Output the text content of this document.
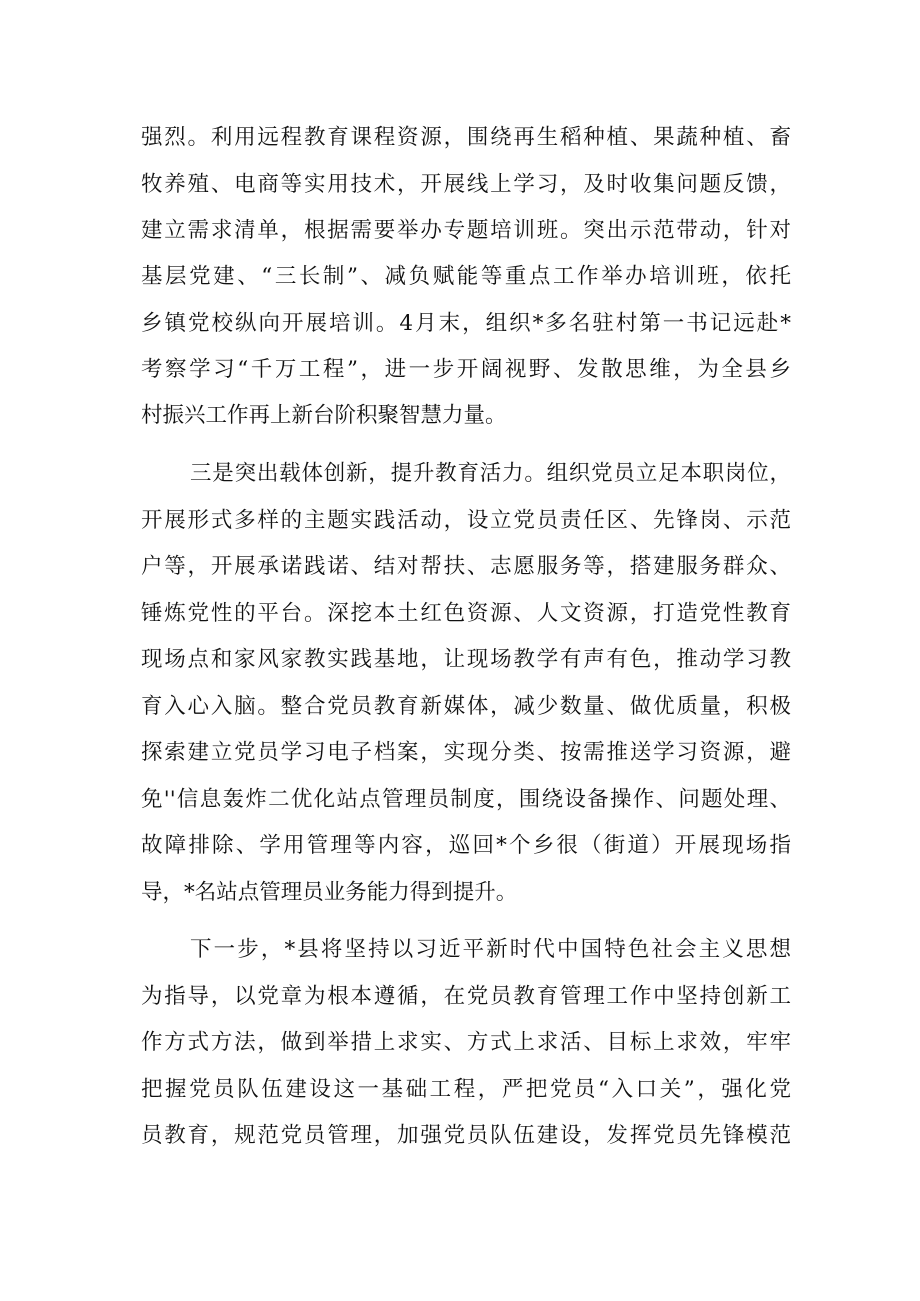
强烈。利用远程教育课程资源，围绕再生稻种植、果蔬种植、畜
牧养殖、电商等实用技术，开展线上学习，及时收集问题反馈，
建立需求清单，根据需要举办专题培训班。突出示范带动，针对
基层党建、“三长制”、减负赋能等重点工作举办培训班，依托
乡镇党校纵向开展培训。4月末，组织*多名驻村第一书记远赴*
考察学习“千万工程”，进一步开阔视野、发散思维，为全县乡
村振兴工作再上新台阶积聚智慧力量。
三是突出载体创新，提升教育活力。组织党员立足本职岗位，
开展形式多样的主题实践活动，设立党员责任区、先锋岗、示范
户等，开展承诺践诺、结对帮扶、志愿服务等，搭建服务群众、
锤炼党性的平台。深挖本土红色资源、人文资源，打造党性教育
现场点和家风家教实践基地，让现场教学有声有色，推动学习教
育入心入脑。整合党员教育新媒体，减少数量、做优质量，积极
探索建立党员学习电子档案，实现分类、按需推送学习资源，避
免''信息轰炸二优化站点管理员制度，围绕设备操作、问题处理、
故障排除、学用管理等内容，巡回*个乡很（街道）开展现场指
导，*名站点管理员业务能力得到提升。
下一步，*县将坚持以习近平新时代中国特色社会主义思想
为指导，以党章为根本遵循，在党员教育管理工作中坚持创新工
作方式方法，做到举措上求实、方式上求活、目标上求效，牢牢
把握党员队伍建设这一基础工程，严把党员“入口关”，强化党
员教育，规范党员管理，加强党员队伍建设，发挥党员先锋模范
